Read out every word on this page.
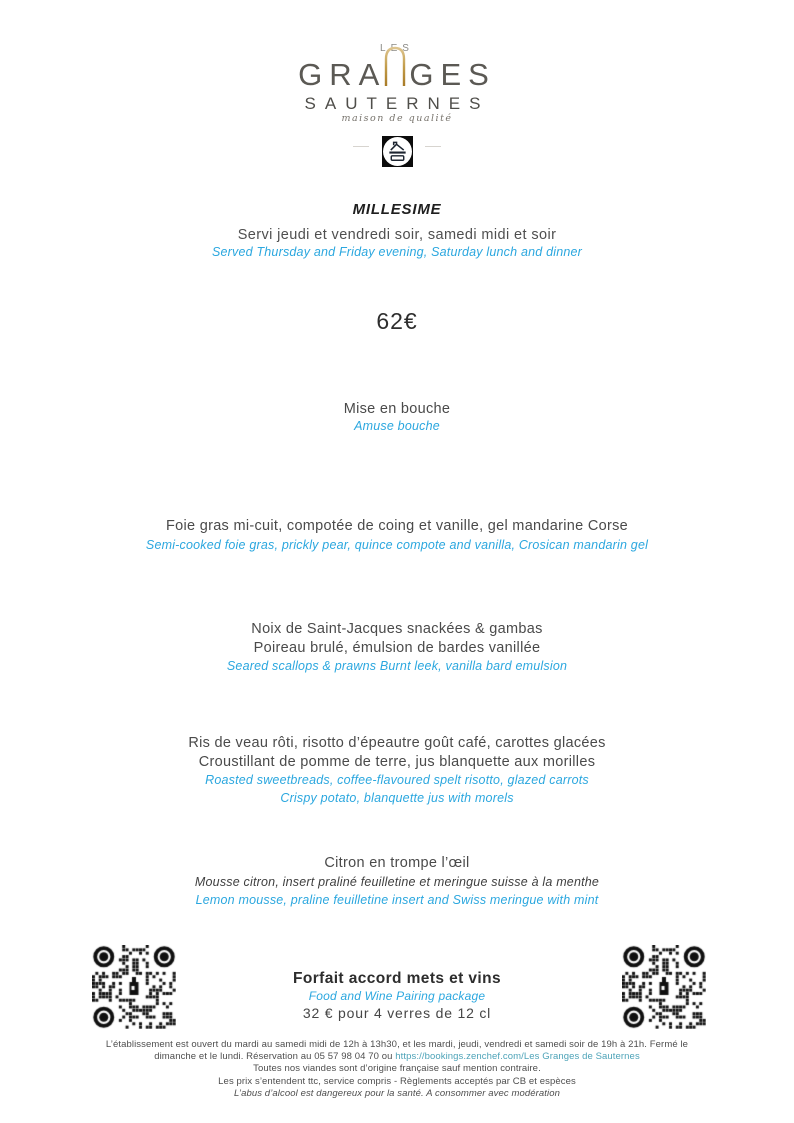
LES
GRA GES
SAUTERNES
maison de qualité
MILLESIME
Servi jeudi et vendredi soir, samedi midi et soir
Served Thursday and Friday evening, Saturday lunch and dinner
62€
Mise en bouche
Amuse bouche
Foie gras mi-cuit, compotée de coing et vanille, gel mandarine Corse
Semi-cooked foie gras, prickly pear, quince compote and vanilla, Crosican mandarin gel
Noix de Saint-Jacques snackées & gambas
Poireau brulé, émulsion de bardes vanillée
Seared scallops & prawns Burnt leek, vanilla bard emulsion
Ris de veau rôti, risotto d’épeautre goût café, carottes glacées
Croustillant de pomme de terre, jus blanquette aux morilles
Roasted sweetbreads, coffee-flavoured spelt risotto, glazed carrots
Crispy potato, blanquette jus with morels
Citron en trompe l’œil
Mousse citron, insert praliné feuilletine et meringue suisse à la menthe
Lemon mousse, praline feuilletine insert and Swiss meringue with mint
Forfait accord mets et vins
Food and Wine Pairing package
32 € pour 4 verres de 12 cl
L’établissement est ouvert du mardi au samedi midi de 12h à 13h30, et les mardi, jeudi, vendredi et samedi soir de 19h à 21h. Fermé le
dimanche et le lundi. Réservation au 05 57 98 04 70 ou https://bookings.zenchef.com/Les Granges de Sauternes
Toutes nos viandes sont d’origine française sauf mention contraire.
Les prix s’entendent ttc, service compris - Règlements acceptés par CB et espèces
L’abus d’alcool est dangereux pour la santé. A consommer avec modération
